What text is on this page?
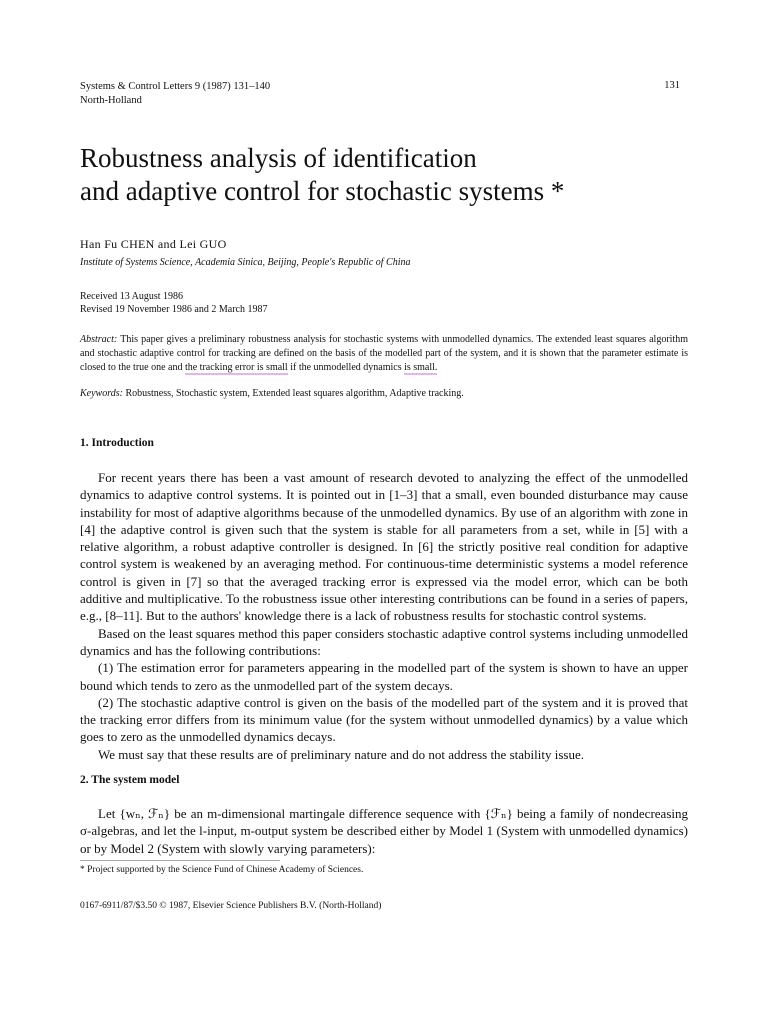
Systems & Control Letters 9 (1987) 131–140
North-Holland
131
Robustness analysis of identification
and adaptive control for stochastic systems *
Han Fu CHEN and Lei GUO
Institute of Systems Science, Academia Sinica, Beijing, People's Republic of China
Received 13 August 1986
Revised 19 November 1986 and 2 March 1987
Abstract: This paper gives a preliminary robustness analysis for stochastic systems with unmodelled dynamics. The extended least squares algorithm and stochastic adaptive control for tracking are defined on the basis of the modelled part of the system, and it is shown that the parameter estimate is closed to the true one and the tracking error is small if the unmodelled dynamics is small.
Keywords: Robustness, Stochastic system, Extended least squares algorithm, Adaptive tracking.
1. Introduction

For recent years there has been a vast amount of research devoted to analyzing the effect of the unmodelled dynamics to adaptive control systems. It is pointed out in [1–3] that a small, even bounded disturbance may cause instability for most of adaptive algorithms because of the unmodelled dynamics. By use of an algorithm with zone in [4] the adaptive control is given such that the system is stable for all parameters from a set, while in [5] with a relative algorithm, a robust adaptive controller is designed. In [6] the strictly positive real condition for adaptive control system is weakened by an averaging method. For continuous-time deterministic systems a model reference control is given in [7] so that the averaged tracking error is expressed via the model error, which can be both additive and multiplicative. To the robustness issue other interesting contributions can be found in a series of papers, e.g., [8–11]. But to the authors' knowledge there is a lack of robustness results for stochastic control systems.

Based on the least squares method this paper considers stochastic adaptive control systems including unmodelled dynamics and has the following contributions:

(1) The estimation error for parameters appearing in the modelled part of the system is shown to have an upper bound which tends to zero as the unmodelled part of the system decays.

(2) The stochastic adaptive control is given on the basis of the modelled part of the system and it is proved that the tracking error differs from its minimum value (for the system without unmodelled dynamics) by a value which goes to zero as the unmodelled dynamics decays.

We must say that these results are of preliminary nature and do not address the stability issue.

2. The system model

Let {wₙ, ℱₙ} be an m-dimensional martingale difference sequence with {ℱₙ} being a family of nondecreasing σ-algebras, and let the l-input, m-output system be described either by Model 1 (System with unmodelled dynamics) or by Model 2 (System with slowly varying parameters):

* Project supported by the Science Fund of Chinese Academy of Sciences.
0167-6911/87/$3.50 © 1987, Elsevier Science Publishers B.V. (North-Holland)
